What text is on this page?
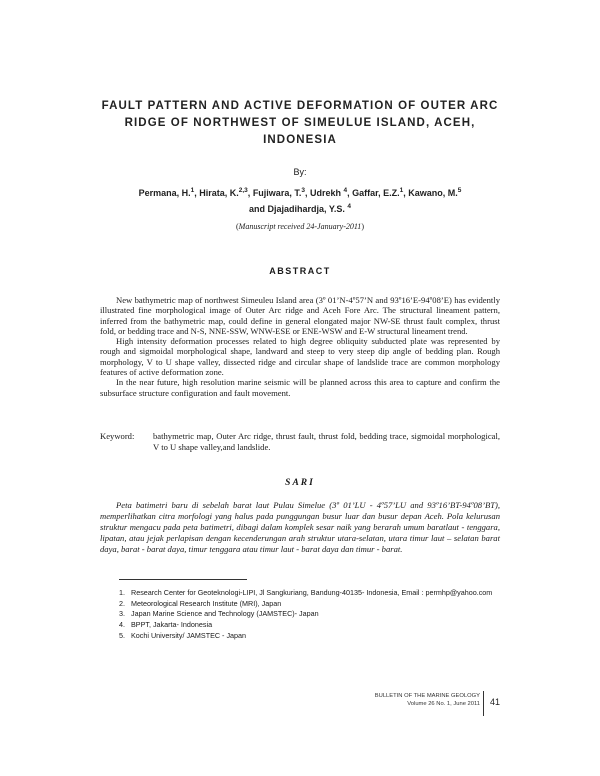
FAULT PATTERN AND ACTIVE DEFORMATION OF OUTER ARC
RIDGE OF NORTHWEST OF SIMEULUE ISLAND, ACEH,
INDONESIA
By:
Permana, H.$^1$, Hirata, K.$^{2,3}$, Fujiwara, T.$^3$, Udrekh $^4$, Gaffar, E.Z.$^1$, Kawano, M.$^5$
and Djajadihardja, Y.S. $^4$
(Manuscript received 24-January-2011)
ABSTRACT

New bathymetric map of northwest Simeuleu Island area (3º 01’N-4º57’N and 93º16’E-94º08’E) has evidently illustrated fine morphological image of Outer Arc ridge and Aceh Fore Arc. The structural lineament pattern, inferred from the bathymetric map, could define in general elongated major NW-SE thrust fault complex, thrust fold, or bedding trace and N-S, NNE-SSW, WNW-ESE or ENE-WSW and E-W structural lineament trend.

High intensity deformation processes related to high degree obliquity subducted plate was represented by rough and sigmoidal morphological shape, landward and steep to very steep dip angle of bedding plan. Rough morphology, V to U shape valley, dissected ridge and circular shape of landslide trace are common morphology features of active deformation zone.

In the near future, high resolution marine seismic will be planned across this area to capture and confirm the subsurface structure configuration and fault movement.

Keyword: bathymetric map, Outer Arc ridge, thrust fault, thrust fold, bedding trace, sigmoidal morphological, V to U shape valley,and landslide.
SARI

Peta batimetri baru di sebelah barat laut Pulau Simelue (3º 01’LU - 4º57’LU and 93º16’BT-94º08’BT), memperlihatkan citra morfologi yang halus pada punggungan busur luar dan busur depan Aceh. Pola kelurusan struktur mengacu pada peta batimetri, dibagi dalam komplek sesar naik yang berarah umum baratlaut - tenggara, lipatan, atau jejak perlapisan dengan kecenderungan arah struktur utara-selatan, utara timur laut – selatan barat daya, barat - barat daya, timur tenggara atau timur laut - barat daya dan timur - barat.

1. Research Center for Geoteknologi-LIPI, Jl Sangkuriang, Bandung-40135- Indonesia, Email : permhp@yahoo.com
2. Meteorological Research Institute (MRI), Japan
3. Japan Marine Science and Technology (JAMSTEC)- Japan
4. BPPT, Jakarta- Indonesia
5. Kochi University/ JAMSTEC - Japan
BULLETIN OF THE MARINE GEOLOGY
Volume 26 No. 1, June 2011 41
